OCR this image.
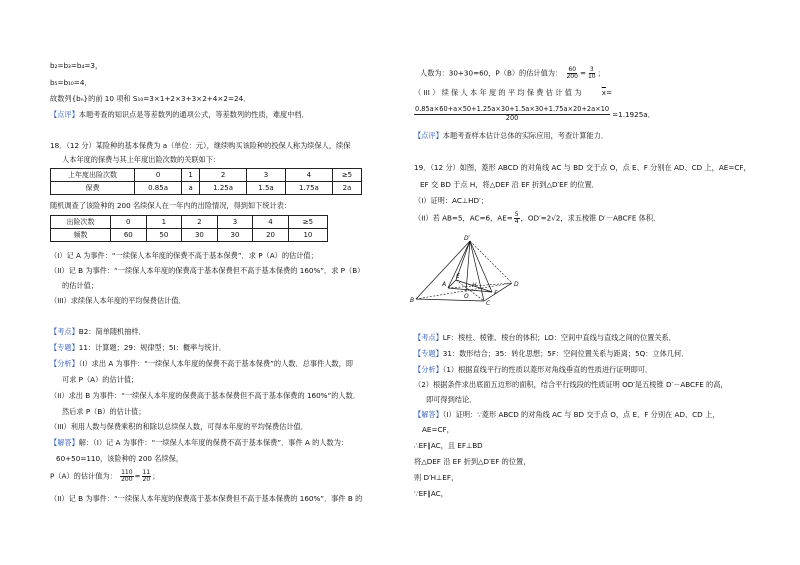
b₂=b₃=b₄=3，
b₅=b₁₀=4．
故数列{bₙ}的前 10 项和 S₁₀=3×1+2×3+3×2+4×2=24．
【点评】本题考查的知识点是等差数列的通项公式，等差数列的性质，难度中档．
18．（12 分）某险种的基本保费为 a（单位：元），继续购买该险种的投保人称为续保人，续保
人本年度的保费与其上年度出险次数的关联如下：
上年度出险次数	0	1	2	3	4	≥5
保费	0.85a	a	1.25a	1.5a	1.75a	2a
随机调查了该险种的 200 名续保人在一年内的出险情况，得到如下统计表：
出险次数	0	1	2	3	4	≥5
频数	60	50	30	30	20	10
（I）记 A 为事件：“一续保人本年度的保费不高于基本保费”．求 P（A）的估计值；
（II）记 B 为事件：“一续保人本年度的保费高于基本保费但不高于基本保费的 160%”．求 P（B）
的估计值；
（III）求续保人本年度的平均保费估计值．
【考点】B2：简单随机抽样．
【专题】11：计算题；29：规律型；5I：概率与统计．
【分析】（I）求出 A 为事件：“一续保人本年度的保费不高于基本保费”的人数．总事件人数，即
可求 P（A）的估计值；
（II）求出 B 为事件：“一续保人本年度的保费高于基本保费但不高于基本保费的 160%”的人数．
然后求 P（B）的估计值；
（III）利用人数与保费乘积的和除以总续保人数，可得本年度的平均保费估计值．
【解答】解：（I）记 A 为事件：“一续保人本年度的保费不高于基本保费”．事件 A 的人数为：
60+50=110，该险种的 200 名续保，
P（A）的估计值为： $\frac{110}{200} = \frac{11}{20}$ ；
（II）记 B 为事件：“一续保人本年度的保费高于基本保费但不高于基本保费的 160%”．事件 B 的
人数为：30+30=60，P（B）的估计值为： $\frac{60}{200} = \frac{3}{10}$ ；
（ III ） 续 保 人 本 年 度 的 平 均 保 费 估 计 值 为	$\overline{x}=$
$\frac{0.85a\times 60+a\times 50+1.25a\times 30+1.5a\times 30+1.75a\times 20+2a\times 10}{200} =1.1925a$．
【点评】本题考查样本估计总体的实际应用，考查计算能力．
19．（12 分）如图，菱形 ABCD 的对角线 AC 与 BD 交于点 O，点 E、F 分别在 AD、CD 上，AE=CF，
EF 交 BD 于点 H，将△DEF 沿 EF 折到△D′EF 的位置．
（I）证明：AC⊥HD′；
（II）若 AB=5，AC=6，$AE= \frac{5}{4}$ ，OD′=2√2，求五棱锥 D′－ABCFE 体积．
D′
B
A
E
O
H
F
C
D
【考点】LF：棱柱、棱锥、棱台的体积；LO：空间中直线与直线之间的位置关系．
【专题】31：数形结合；35：转化思想；5F：空间位置关系与距离；5Q：立体几何．
【分析】（1）根据直线平行的性质以菱形对角线垂直的性质进行证明即可．
（2）根据条件求出底面五边形的面积，结合平行线段的性质证明 OD′是五棱锥 D′－ABCFE 的高，
即可得到结论．
【解答】（I）证明：∵菱形 ABCD 的对角线 AC 与 BD 交于点 O，点 E、F 分别在 AD、CD 上，
AE=CF，
∴EF∥AC，且 EF⊥BD
将△DEF 沿 EF 折到△D′EF 的位置，
则 D′H⊥EF，
∵EF∥AC，
